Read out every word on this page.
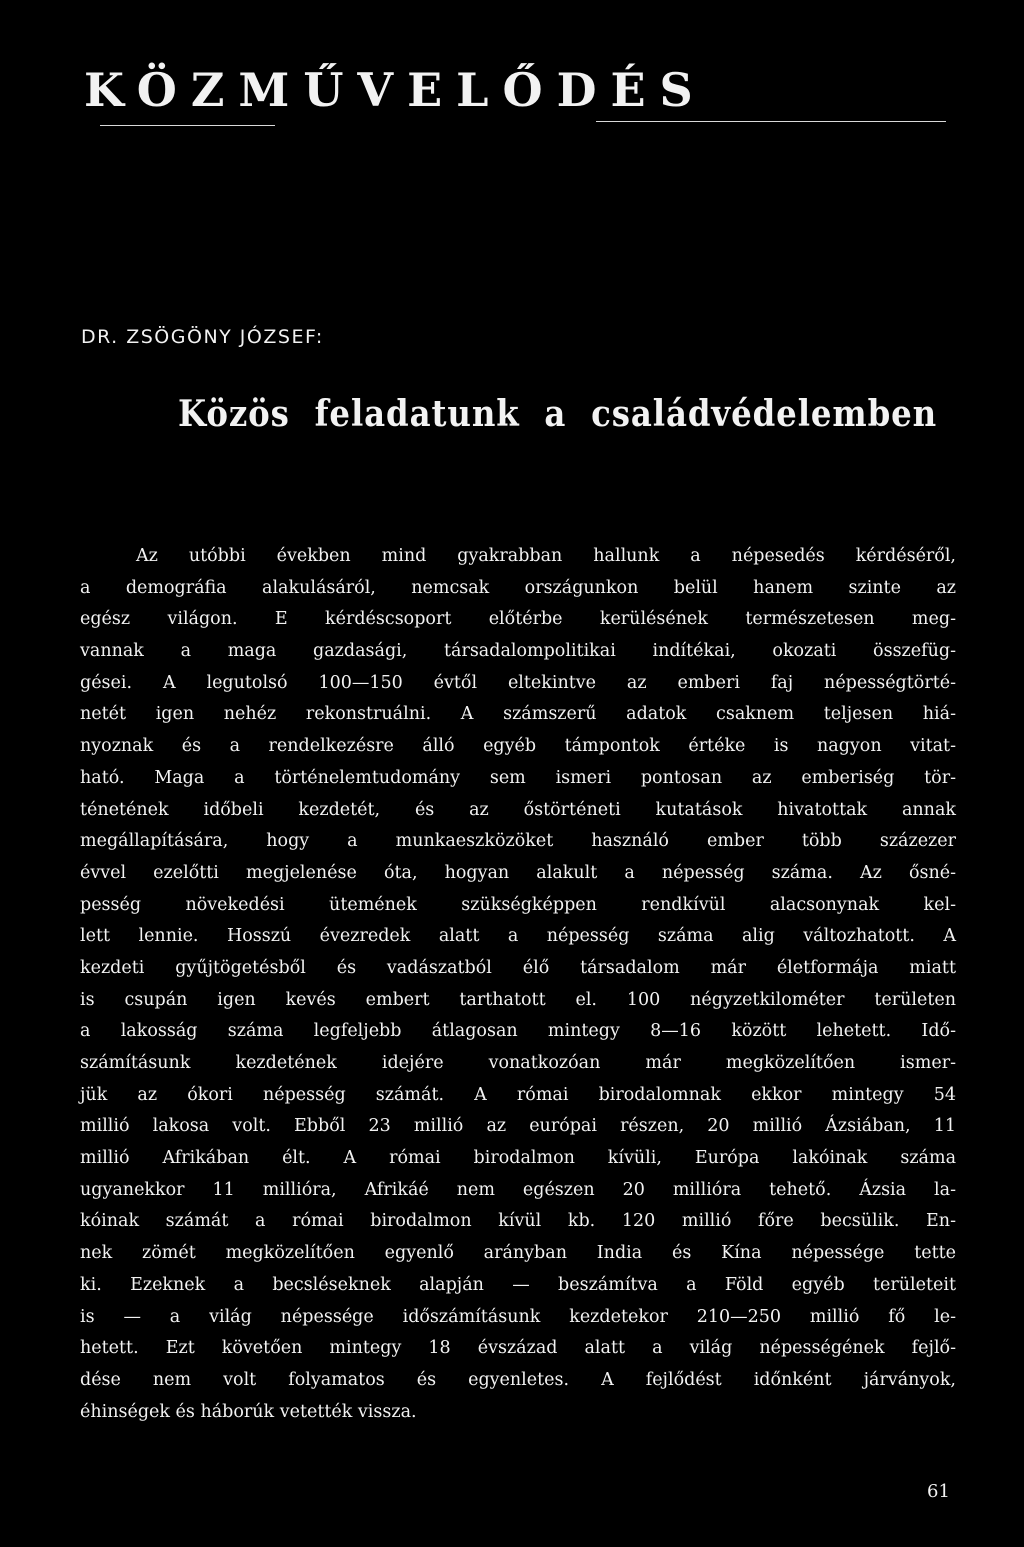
KÖZMŰVELŐDÉS
DR. ZSÖGÖNY JÓZSEF:
Közös feladatunk a családvédelemben
Az utóbbi években mind gyakrabban hallunk a népesedés kérdéséről,
a demográfia alakulásáról, nemcsak országunkon belül hanem szinte az
egész világon. E kérdéscsoport előtérbe kerülésének természetesen meg-
vannak a maga gazdasági, társadalompolitikai indítékai, okozati összefüg-
gései. A legutolsó 100—150 évtől eltekintve az emberi faj népességtörté-
netét igen nehéz rekonstruálni. A számszerű adatok csaknem teljesen hiá-
nyoznak és a rendelkezésre álló egyéb támpontok értéke is nagyon vitat-
ható. Maga a történelemtudomány sem ismeri pontosan az emberiség tör-
ténetének időbeli kezdetét, és az őstörténeti kutatások hivatottak annak
megállapítására, hogy a munkaeszközöket használó ember több százezer
évvel ezelőtti megjelenése óta, hogyan alakult a népesség száma. Az ősné-
pesség növekedési ütemének szükségképpen rendkívül alacsonynak kel-
lett lennie. Hosszú évezredek alatt a népesség száma alig változhatott. A
kezdeti gyűjtögetésből és vadászatból élő társadalom már életformája miatt
is csupán igen kevés embert tarthatott el. 100 négyzetkilométer területen
a lakosság száma legfeljebb átlagosan mintegy 8—16 között lehetett. Idő-
számításunk kezdetének idejére vonatkozóan már megközelítően ismer-
jük az ókori népesség számát. A római birodalomnak ekkor mintegy 54
millió lakosa volt. Ebből 23 millió az európai részen, 20 millió Ázsiában, 11
millió Afrikában élt. A római birodalmon kívüli, Európa lakóinak száma
ugyanekkor 11 millióra, Afrikáé nem egészen 20 millióra tehető. Ázsia la-
kóinak számát a római birodalmon kívül kb. 120 millió főre becsülik. En-
nek zömét megközelítően egyenlő arányban India és Kína népessége tette
ki. Ezeknek a becsléseknek alapján — beszámítva a Föld egyéb területeit
is — a világ népessége időszámításunk kezdetekor 210—250 millió fő le-
hetett. Ezt követően mintegy 18 évszázad alatt a világ népességének fejlő-
dése nem volt folyamatos és egyenletes. A fejlődést időnként járványok,
éhinségek és háborúk vetették vissza.
61
